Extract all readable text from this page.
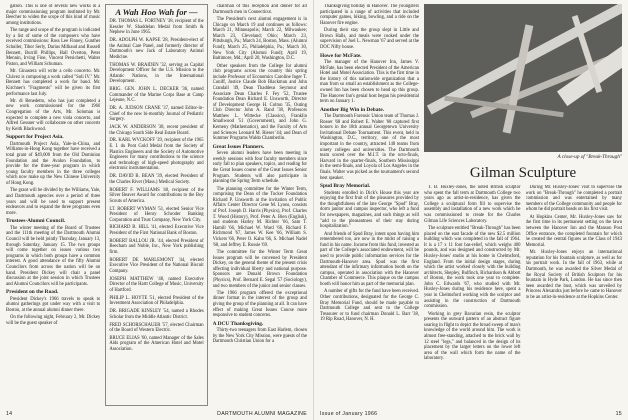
gation. This is one of several new works in a major commissioning program instituted by Mr. Beecher to widen the scope of this kind of music among institutions.

The range and scope of the program is indicated by a list of some of the composers who have received commissions: Ross Lee Finney, Gunther Schuller, Tibor Serly, Darius Milhaud and Russell Bennett, Burrill Phillips, Hall Overton, Peter Mennin, Irving Fine, Vincent Persichetti, Walter Piston, and William Schuman.

Mr. Ginastera will write a cello concerto. Mr. Chávez is composing a work called "Soli IV." Mr. Bennett has completed a work for band. Mr. Kirchner's "Fragments" will be given its first performance last July.

Mr. di Benedetto, who has just completed a new work commissioned for the 1966 Congregation of the Arts, Mr. Soloman is expected to complete a new viola concerto, and Alfred Gessner will collaborate on other concerts by Keith Blackwood.

Support for Project Asia.

Dartmouth Project Asia, Yale-in-China, and Williams-in-Hong Kong together have received a total grant of $49,000 from the Old Dominion Foundation and the Avalon Foundation, to provide for the three-year program in which young faculty members in the three colleges which now make up the New Chinese University of Hong Kong.

The grant will be divided by the Williams, Yale, and Dartmouth agencies over a period of three years and will be used to support present endeavors and to expand the three programs even more.

Trustees-Alumni Council.

The winter meeting of the Board of Trustees and the 111th meeting of the Dartmouth Alumni Council will be held jointly Thursday, January 13, through Saturday, January 15. The two groups will come together on issues various two programs in which both groups have a common interest. A good attendance of the fifty Alumni Councilors from across the nation will be on hand. President Dickey will chair a panel discussion at the joint session in which Trustees and Alumni Councilors will be participants.

President on the Road.

President Dickey's 1966 travels to speak to alumni gatherings got under way with a visit to Boston, at the annual alumni dinner there.

On the following night, February 2, Mr. Dickey will be the guest speaker of

A Wah Hoo Wah for —

DR. THOMAS L. FORTNEY '38, recipient of the Kessler W. Shaddelan Medal from Smith & Nephew in June 1965.

DR. ADOLPH W. KAPSE '28, President-elect of the Animal Care Panel, and formerly director of Dartmouth's new Jack of Laboratory Animal Medicine.

THOMAS W. BRAIDEN '32, serving as Capital Development Officer for the U.S. Mission to the Atlantic Nations, in the International Development.

BRIG. GEN. JOHN L. DECKER '36, named Commander of the Marine Corps Base at Camp Lejeune, N.C.

DR. A. JUDSON CRANE '37, named Editor-in-Chief of the new bi-monthly Journal of Pediatric Surgery.

JACK W. ANDERSON '38, recent president of the Chicago South Side Real Estate Board.

DR. KARL WVCKOFF '39, recipient of the 1965 E. I. du Pont Gold Medal from the Society of Plastics Engineers and the Society of Automotive Engineers for many contributions to the science and technology of high-speed photography and electronic instrumentation.

DR. DAVID B. BEAN '39, elected President of the Charles River (Mass.) Medical Society.

ROBERT F. WILLIAMS '40, recipient of the Silver Beaver Award for contributions to the Boy Scouts of America.

LT. ROBERT WYMAN '51, elected Senior Vice President of Henry Schroder Banking Corporation and Trust Company, New York City.

RICHARD B. HILL '41, elected Executive Vice President of the First National Bank of Boston.

ROBERT BALLOU JR. '44, elected President of Beecham and Noble, Inc., New York publishing firm.

ROBERT DE MARLEMONT '44, elected Executive Vice President of the National Biscuit Company.

JOSEPH MATTHEW '48, named Executive Director of the Hartt College of Music, University of Hartford.

PHILIP L. HOYTE '51, elected President of the Investment Association of Philadelphia.

DR. BRIGADE KINSLEY '54, named a Rhodes Scholar from the Middle Atlantic District.

FRED SCHORSCHAUER '57, elected Chairman of the Board of Western Electric.

BRUCE ELIAS '60, named Manager of the Sales Aids program of the American Hotel and Motel Association.

chairman of this reception and dinner for all Dartmouth men in Connecticut.

The President's next alumni engagement is in Chicago on March 19 and continues as follows: March 21, Minneapolis; March 22, Milwaukee; March 23, Cleveland; Ohio; March 23, Pittsburgh, Pa.; March 24, Boston, Mass. (Alumni Fund); March 25, Philadelphia, Pa.; March 30, New York City (Alumni Fund); April 19, Baltimore, Md.; April 20, Washington, D.C.

Other speakers from the College for alumni club programs across the country this spring include Professor of Economics Caroline Inger T. Cuniff, Justice Claude Bob Blackmun and John Crandall '49, Dean Thaddeus Seymour and Associate Dean Charles F. Fey '52, Trustee Foundation Dean Richard E. Unsworth, Director of Development George H. Colton '35, Outing Club Director John A. Rand '38, Professors Matthew L. Wittecke (Classics), Franklin Smallwood '51 (Government), and John G. Kemeny (Mathematics), and the Faculty of Arts and Sciences Leonard M. Rieser '44; and Dean of Summer Programs Waldo Chamberlin.

Great Issues Planners.

Seven alumni leaders have been meeting in weekly sessions with four faculty members since early fall to plan speakers, topics, and reading for the Great Issues course of the Great Issues Senior Program. Students will also participate in planning the Spring Term schedule.

The planning committee for the Winter Term, comprising the Dean of the Tucker Foundation Richard P. Unsworth at the invitation of Public Affairs Center Director Gene M. Lyons, consists of Prof. Joseph D. Harris (Physics), Prof. Charles T. Wood (History), Prof. Peter A. Bien (English), and students Harley M. Richter '66, Sam T. Hamill '66, Michael W. Ward '66, Richard F. Richmond '67, James W. Kee '66, William S. Vickers '66, Peter O. Kahn '66, S. Michael Nadel '68, and Jeffrey E. Rossie '69.

The committee for the Winter Term Great Issues program will be convened by President Dickey, on the general theme of the present crisis affecting individual liberty and national purpose. Sponsors are Donald Brown Foundation (Physics), Prof. Bernard E. Segal '57 (Sociology), and two members of the junior and senior classes.

The 1966 program offered the exceptional dinner format in the interest of the group and giving the group of the planning at all. It can have effect of making Great Issues Course more responsive to student concerns.

A DCU Thanksgiving.

Thirty-two teenagers from East Harlem, chosen by the New York City Mission, were guests of the Dartmouth Christian Union for a

14	DARTMOUTH ALUMNI MAGAZINE

Thanksgiving holiday in Hanover. The youngsters participated in a range of activities that included computer games, hiking, bowling, and a ride on the Hanover fire engine.

During their stay the group slept in Little and Brown Halls, and meals were cooked under the supervision of Joel L. Newman '67 and served at the DOC Nifty house.

Howe for McFate.

The manager of the Hanover Inn, James V. McFate, has been elected President of the American Hotel and Motel Association. This is the first time in the history of this nationwide organization that a man from so small an establishment as the College-owned Inn has been chosen to head up this group. The Hanover Inn's genial host began his presidential term on January 1.

Another Big Win in Debate.

The Dartmouth Forensic Union team of Thomas J. Rosser '68 and Robert E. Walter '68 captured first honors in the 18th annual Georgetown University Invitational Debate Tournament. This event, held in Washington, D.C., territory, one of the most important in the country, attracted 148 teams from ninety colleges and universities. The Dartmouth team scored over the M.I.T. in the octo-finals, Harvard in the quarter-finals, Southern Mississippi in the semi-finals, and Loyola of Los Angeles in the finals. Walter was picked as the tournament's second best speaker.

Spud Bray Memorial.

Students enrolled in Dick's House this year are enjoying the first fruit of the pleasures provided by the thoughtfulness of the late George "Spud" Bray, dorm janitor and campus inspector, who left a fund for newspapers, magazines, and such things as will "add to the pleasantness of their stay during hospitalization."

And friends of Spud Bray, intent upon having him remembered too, are now in the midst of raising a fund in his name. Income from this fund, invested as part of the College's associated endowment, will be used to provide public information services for the Dartmouth-Hanover area. Spud was the first attendant of the infirmary information booth on the campus, operated in association with the Hanover Chamber of Commerce. This plaque on the campus booth will honor him as part of the memorial plan.

A number of gifts for the fund have been received. Other contributions, designated for the George C. Bray Memorial Fund, should be made payable to Dartmouth College and sent to the College Treasurer or to fund chairman Donald L. Barr '38, 19 Rip Road, Hanover, N. H.

A close-up of "Break-Through"
Gilman Sculpture

T. B. Huxley-Jones, the noted British sculptor who spent the fall term at Dartmouth College two years ago as artist-in-residence, has given the College a sculptural form fill to supervise the assembly and installation of a new work which he was commissioned to create for the Charles Gilman Life Sciences Laboratory.

The sculpture entitled "Break-Through" has been placed on the east facade of the new $2.5 million building which was completed in the fall of 1964. It is a 17 x 11 foot bas-relief, which weighs 400 pounds, and was designed and constructed by Mr. Huxley-Jones' studio at his home in Chelmsford, England. From the initial design stages, during which the artist worked closely with the building architects, Shepley, Bulfinch, Richardson & Abbott of Boston, the work took one year to complete. John C. Edwards '67, who studied with Mr. Huxley-Jones during his residence here, spent a year in Chelmsford working with the sculptor and assisting in the construction of Dartmouth commission.

Working in grey Bavarian resin, the sculptor presents the outward pattern of an abstract figure soaring in flight to depict the broad sweep of man's knowledge of the world around him. The work is almost free-standing, attached to the brick wall by 12 steel "legs," and balanced in the design of its placement by the larger letters on the lower left area of the wall which form the name of the laboratory.

During Mr. Huxley-Jones' visit to supervise the work on "Break-Through" he completed a portrait commission and was entertained by many members of the College community and people for whom he did portrait heads on his first visit.

At Hopkins Center, Mr. Huxley-Jones saw for the first time in its permanent setting on the lawn between the Hanover Inn and the Manson Post Office entrance, the completed fountain for which he created the central figures as the Class of 1943 Memorial.

Mr. Huxley-Jones enjoys an international reputation for his fountain sculpture, as well as for his portrait work. In the fall of 1963, while at Dartmouth, he was awarded the Silver Medal of the Royal Society of British Sculptors for his fountain in Hyde Park, London. He has since then been awarded the bust, which was unveiled by Princess Alexandra just before he came to Hanover to be an artist-in-residence at the Hopkins Center.

Issue of January 1966	15
